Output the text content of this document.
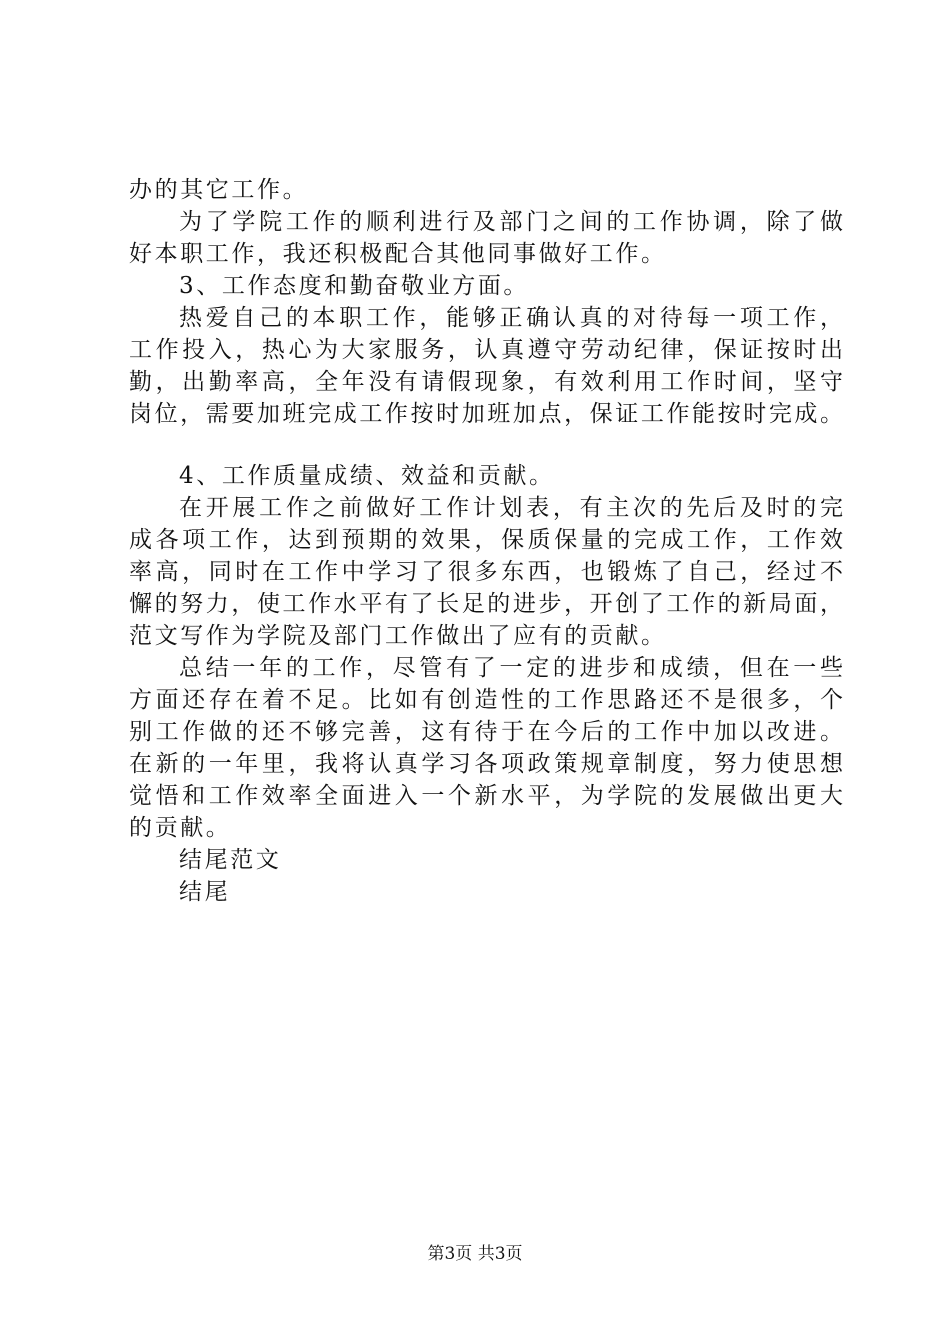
办的其它工作。
为了学院工作的顺利进行及部门之间的工作协调，除了做
好本职工作，我还积极配合其他同事做好工作。
3、工作态度和勤奋敬业方面。
热爱自己的本职工作，能够正确认真的对待每一项工作，
工作投入，热心为大家服务，认真遵守劳动纪律，保证按时出
勤，出勤率高，全年没有请假现象，有效利用工作时间，坚守
岗位，需要加班完成工作按时加班加点，保证工作能按时完成。
4、工作质量成绩、效益和贡献。
在开展工作之前做好工作计划表，有主次的先后及时的完
成各项工作，达到预期的效果，保质保量的完成工作，工作效
率高，同时在工作中学习了很多东西，也锻炼了自己，经过不
懈的努力，使工作水平有了长足的进步，开创了工作的新局面，
范文写作为学院及部门工作做出了应有的贡献。
总结一年的工作，尽管有了一定的进步和成绩，但在一些
方面还存在着不足。比如有创造性的工作思路还不是很多，个
别工作做的还不够完善，这有待于在今后的工作中加以改进。
在新的一年里，我将认真学习各项政策规章制度，努力使思想
觉悟和工作效率全面进入一个新水平，为学院的发展做出更大
的贡献。
结尾范文
结尾
第3页 共3页
